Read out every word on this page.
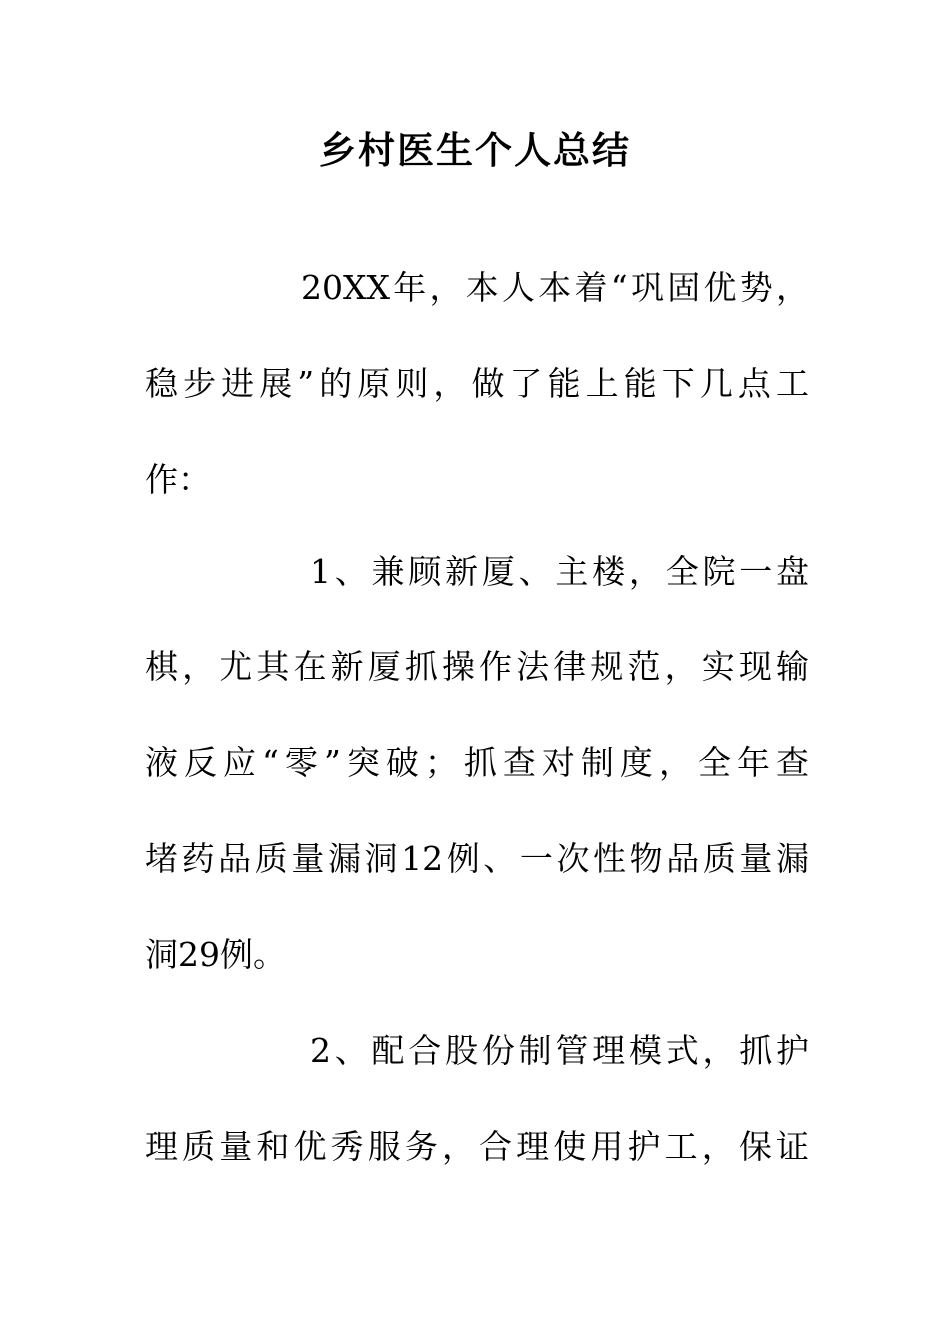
乡村医生个人总结
20XX年，本人本着“巩固优势，
稳步进展”的原则，做了能上能下几点工
作：
1、兼顾新厦、主楼，全院一盘
棋，尤其在新厦抓操作法律规范，实现输
液反应“零”突破；抓查对制度，全年查
堵药品质量漏洞12例、一次性物品质量漏
洞29例。
2、配合股份制管理模式，抓护
理质量和优秀服务，合理使用护工，保证
